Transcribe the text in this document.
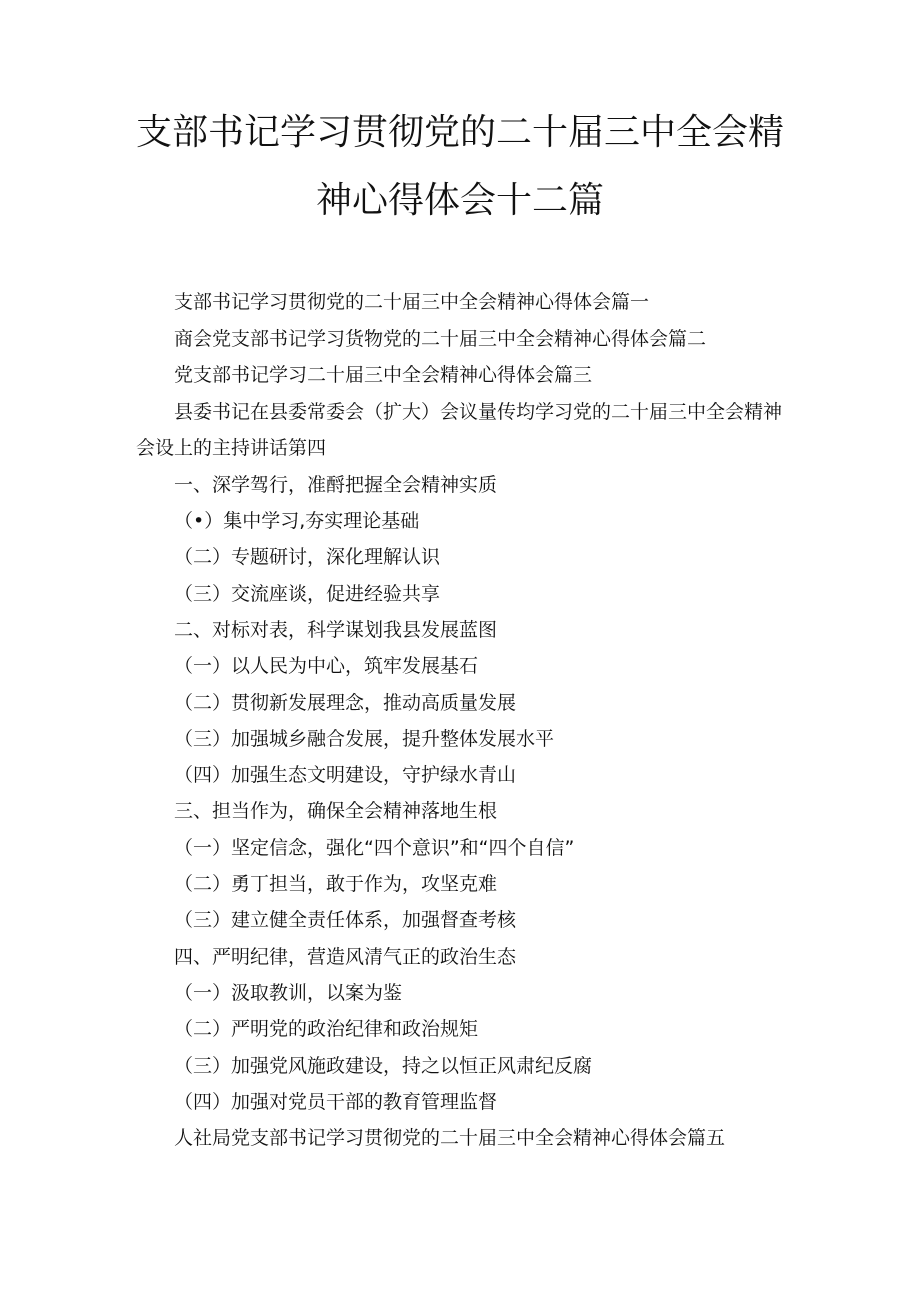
支部书记学习贯彻党的二十届三中全会精
神心得体会十二篇
支部书记学习贯彻党的二十届三中全会精神心得体会篇一
商会党支部书记学习货物党的二十届三中全会精神心得体会篇二
党支部书记学习二十届三中全会精神心得体会篇三
县委书记在县委常委会（扩大）会议量传均学习党的二十届三中全会精神
会设上的主持讲话第四
一、深学驾行，准酹把握全会精神实质
（•）集中学习,夯实理论基础
（二）专题研讨，深化理解认识
（三）交流座谈，促进经验共享
二、对标对表，科学谋划我县发展蓝图
（一）以人民为中心，筑牢发展基石
（二）贯彻新发展理念，推动高质量发展
（三）加强城乡融合发展，提升整体发展水平
（四）加强生态文明建设，守护绿水青山
三、担当作为，确保全会精神落地生根
（一）坚定信念，强化“四个意识”和“四个自信”
（二）勇丁担当，敢于作为，攻坚克难
（三）建立健全责任体系，加强督查考核
四、严明纪律，营造风清气正的政治生态
（一）汲取教训，以案为鉴
（二）严明党的政治纪律和政治规矩
（三）加强党风施政建设，持之以恒正风肃纪反腐
（四）加强对党员干部的教育管理监督
人社局党支部书记学习贯彻党的二十届三中全会精神心得体会篇五
